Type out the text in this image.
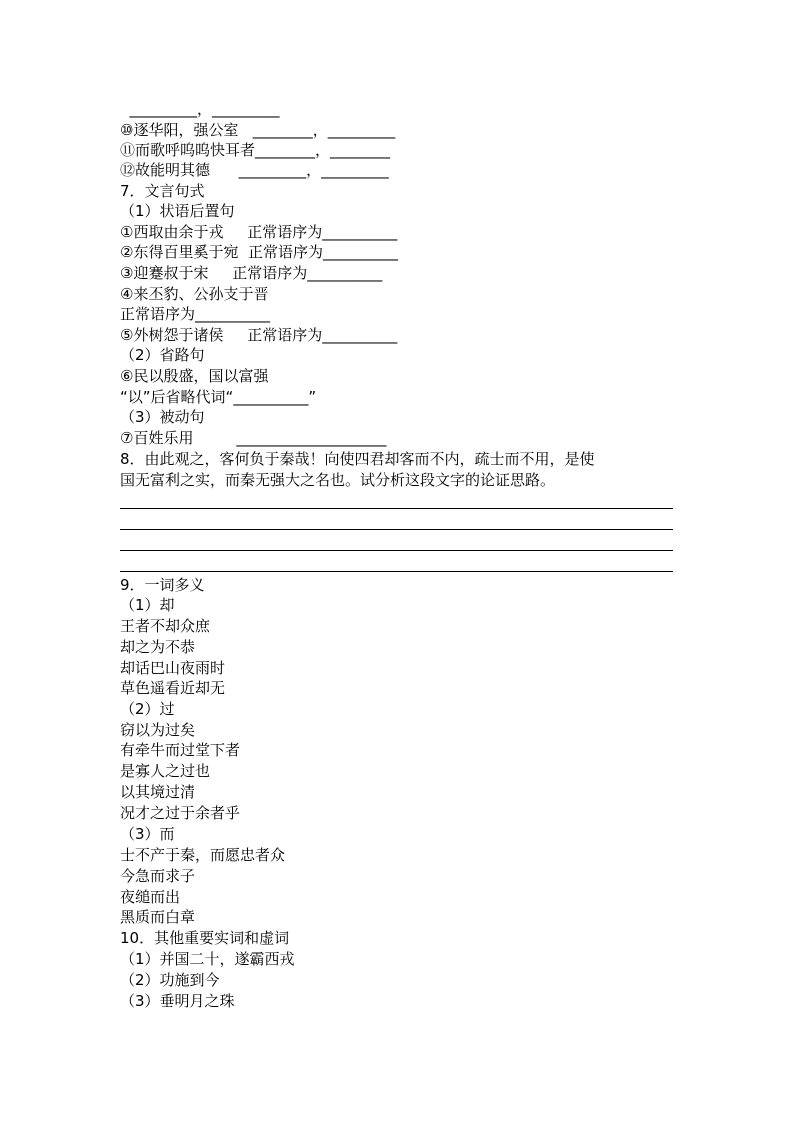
_________，_________
⑩逐华阳，强公室   ________，_________
⑪而歌呼呜呜快耳者________，________
⑫故能明其德      _________，_________
7．文言句式
（1）状语后置句
①西取由余于戎     正常语序为__________
②东得百里奚于宛  正常语序为__________
③迎蹇叔于宋     正常语序为__________
④来丕豹、公孙支于晋
正常语序为__________
⑤外树怨于诸侯     正常语序为__________
（2）省路句
⑥民以殷盛，国以富强
“以”后省略代词“__________”
（3）被动句
⑦百姓乐用         ____________________
8．由此观之，客何负于秦哉！向使四君却客而不内，疏士而不用，是使
国无富利之实，而秦无强大之名也。试分析这段文字的论证思路。
9．一词多义
（1）却
王者不却众庶
却之为不恭
却话巴山夜雨时
草色遥看近却无
（2）过
窃以为过矣
有牵牛而过堂下者
是寡人之过也
以其境过清
况才之过于余者乎
（3）而
士不产于秦，而愿忠者众
今急而求子
夜缒而出
黑质而白章
10．其他重要实词和虚词
（1）并国二十，遂霸西戎
（2）功施到今
（3）垂明月之珠
